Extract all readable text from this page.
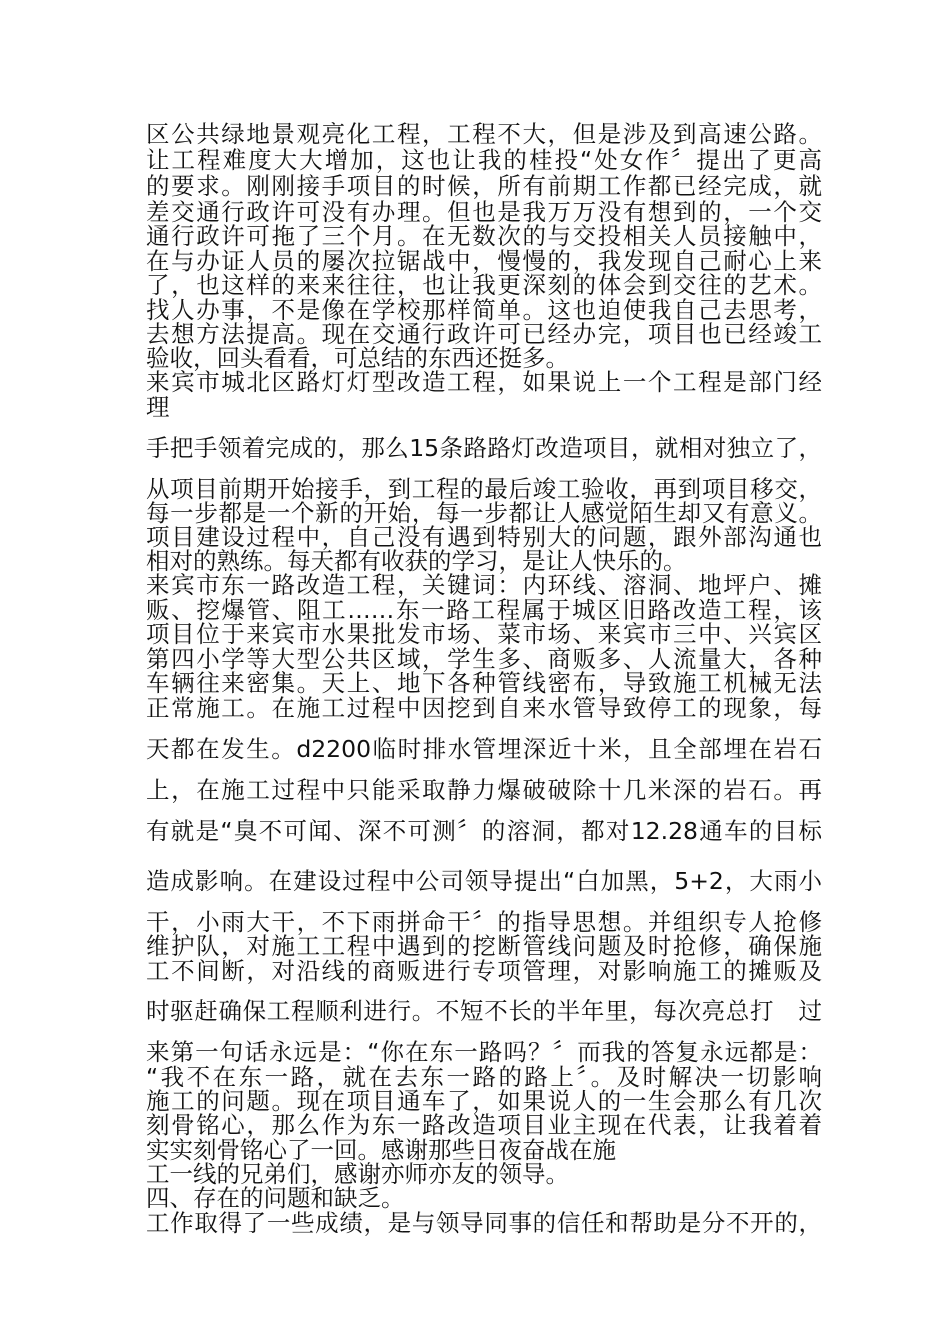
区公共绿地景观亮化工程，工程不大，但是涉及到高速公路。
让工程难度大大增加，这也让我的桂投“处女作〞提出了更高
的要求。刚刚接手项目的时候，所有前期工作都已经完成，就
差交通行政许可没有办理。但也是我万万没有想到的，一个交
通行政许可拖了三个月。在无数次的与交投相关人员接触中，
在与办证人员的屡次拉锯战中，慢慢的，我发现自己耐心上来
了，也这样的来来往往，也让我更深刻的体会到交往的艺术。
找人办事，不是像在学校那样简单。这也迫使我自己去思考，
去想方法提高。现在交通行政许可已经办完，项目也已经竣工
验收，回头看看，可总结的东西还挺多。
来宾市城北区路灯灯型改造工程，如果说上一个工程是部门经
理
手把手领着完成的，那么15条路路灯改造项目，就相对独立了，
从项目前期开始接手，到工程的最后竣工验收，再到项目移交，
每一步都是一个新的开始，每一步都让人感觉陌生却又有意义。
项目建设过程中，自己没有遇到特别大的问题，跟外部沟通也
相对的熟练。每天都有收获的学习，是让人快乐的。
来宾市东一路改造工程，关键词：内环线、溶洞、地坪户、摊
贩、挖爆管、阻工……东一路工程属于城区旧路改造工程，该
项目位于来宾市水果批发市场、菜市场、来宾市三中、兴宾区
第四小学等大型公共区域，学生多、商贩多、人流量大，各种
车辆往来密集。天上、地下各种管线密布，导致施工机械无法
正常施工。在施工过程中因挖到自来水管导致停工的现象，每
天都在发生。d2200临时排水管埋深近十米，且全部埋在岩石
上，在施工过程中只能采取静力爆破破除十几米深的岩石。再
有就是“臭不可闻、深不可测〞的溶洞，都对12.28通车的目标
造成影响。在建设过程中公司领导提出“白加黑，5+2，大雨小
干，小雨大干，不下雨拼命干〞的指导思想。并组织专人抢修
维护队，对施工工程中遇到的挖断管线问题及时抢修，确保施
工不间断，对沿线的商贩进行专项管理，对影响施工的摊贩及
时驱赶确保工程顺利进行。不短不长的半年里，每次亮总打   过
来第一句话永远是：“你在东一路吗？〞而我的答复永远都是：
“我不在东一路，就在去东一路的路上〞。及时解决一切影响
施工的问题。现在项目通车了，如果说人的一生会那么有几次
刻骨铭心，那么作为东一路改造项目业主现在代表，让我着着
实实刻骨铭心了一回。感谢那些日夜奋战在施
工一线的兄弟们，感谢亦师亦友的领导。
四、存在的问题和缺乏。
工作取得了一些成绩，是与领导同事的信任和帮助是分不开的，
